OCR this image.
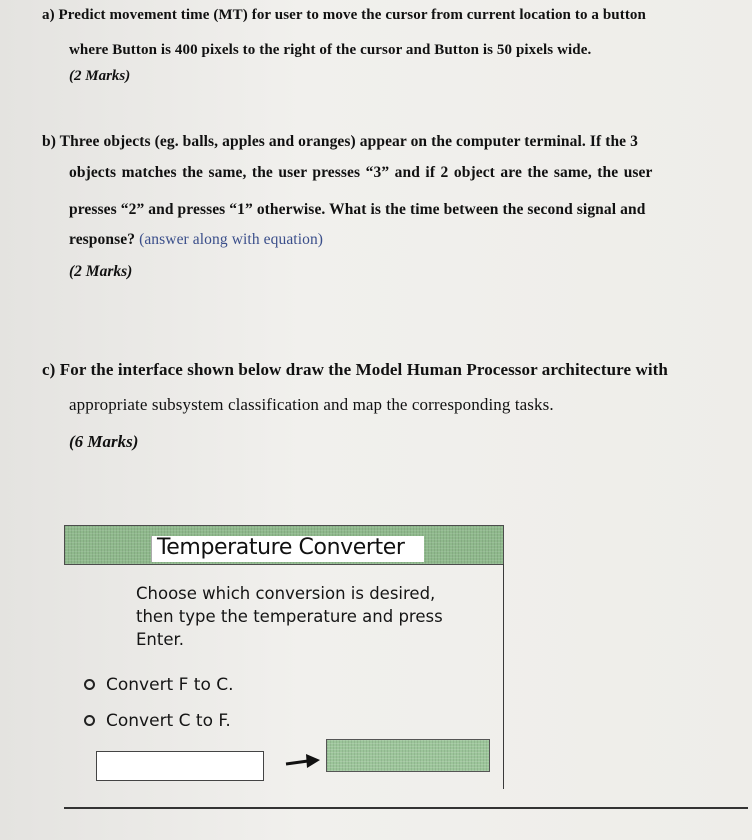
a) Predict movement time (MT) for user to move the cursor from current location to a button
where Button is 400 pixels to the right of the cursor and Button is 50 pixels wide.
(2 Marks)
b) Three objects (eg. balls, apples and oranges) appear on the computer terminal. If the 3
objects matches the same, the user presses “3” and if 2 object are the same, the user
presses “2” and presses “1” otherwise. What is the time between the second signal and
response? (answer along with equation)
(2 Marks)
c) For the interface shown below draw the Model Human Processor architecture with
appropriate subsystem classification and map the corresponding tasks.
(6 Marks)
Temperature Converter
Choose which conversion is desired,
then type the temperature and press
Enter.
Convert F to C.
Convert C to F.
